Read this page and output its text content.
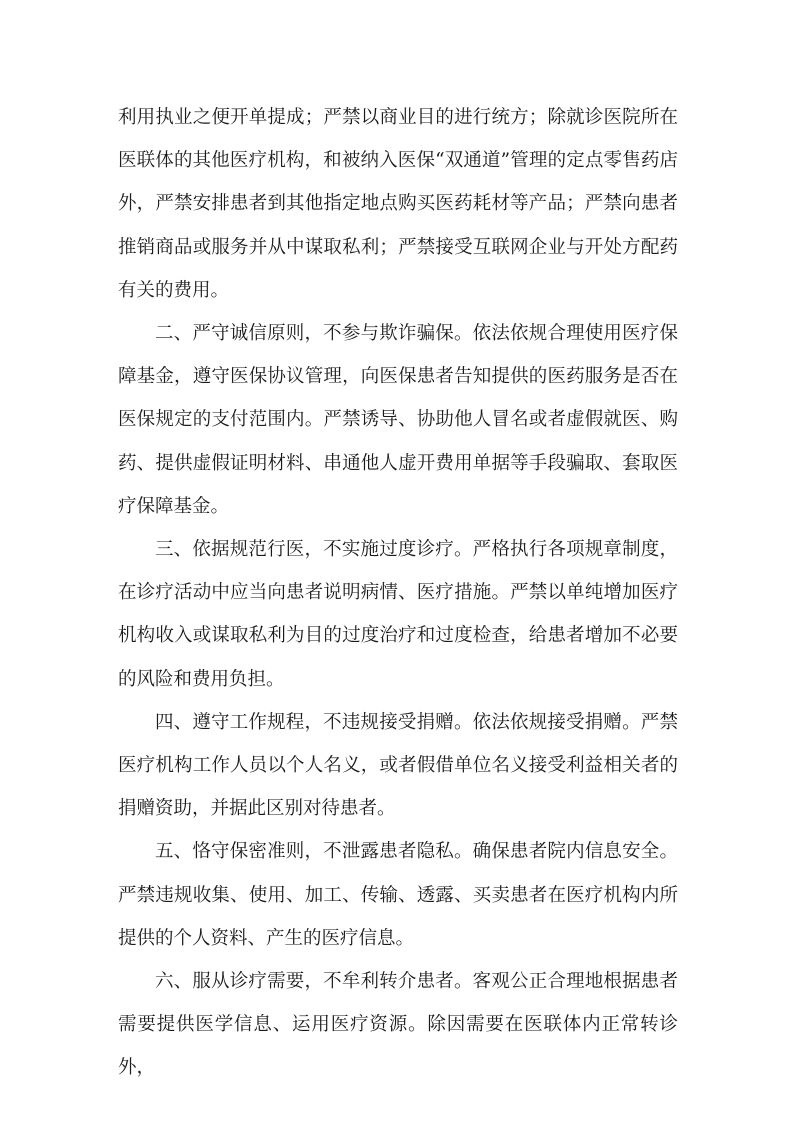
利用执业之便开单提成；严禁以商业目的进行统方；除就诊医院所在医联体的其他医疗机构，和被纳入医保“双通道”管理的定点零售药店外，严禁安排患者到其他指定地点购买医药耗材等产品；严禁向患者推销商品或服务并从中谋取私利；严禁接受互联网企业与开处方配药有关的费用。

二、严守诚信原则，不参与欺诈骗保。依法依规合理使用医疗保障基金，遵守医保协议管理，向医保患者告知提供的医药服务是否在医保规定的支付范围内。严禁诱导、协助他人冒名或者虚假就医、购药、提供虚假证明材料、串通他人虚开费用单据等手段骗取、套取医疗保障基金。

三、依据规范行医，不实施过度诊疗。严格执行各项规章制度，在诊疗活动中应当向患者说明病情、医疗措施。严禁以单纯增加医疗机构收入或谋取私利为目的过度治疗和过度检查，给患者增加不必要的风险和费用负担。

四、遵守工作规程，不违规接受捐赠。依法依规接受捐赠。严禁医疗机构工作人员以个人名义，或者假借单位名义接受利益相关者的捐赠资助，并据此区别对待患者。

五、恪守保密准则，不泄露患者隐私。确保患者院内信息安全。严禁违规收集、使用、加工、传输、透露、买卖患者在医疗机构内所提供的个人资料、产生的医疗信息。

六、服从诊疗需要，不牟利转介患者。客观公正合理地根据患者需要提供医学信息、运用医疗资源。除因需要在医联体内正常转诊外，
